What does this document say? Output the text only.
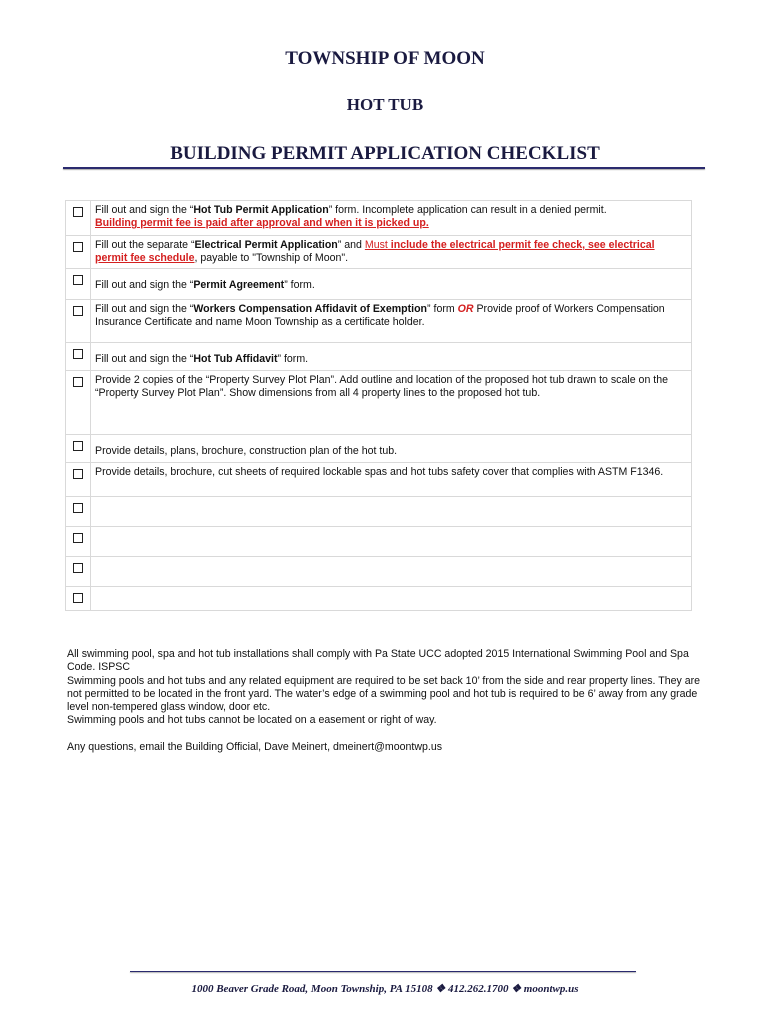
TOWNSHIP OF MOON
HOT TUB
BUILDING PERMIT APPLICATION CHECKLIST
	Fill out and sign the “Hot Tub Permit Application” form. Incomplete application can result in a denied permit.
Building permit fee is paid after approval and when it is picked up.
	Fill out the separate “Electrical Permit Application” and Must include the electrical permit fee check, see electrical permit fee schedule, payable to "Township of Moon".
	Fill out and sign the “Permit Agreement” form.
	Fill out and sign the “Workers Compensation Affidavit of Exemption” form OR Provide proof of Workers Compensation Insurance Certificate and name Moon Township as a certificate holder.
	Fill out and sign the “Hot Tub Affidavit” form.
	Provide 2 copies of the “Property Survey Plot Plan”. Add outline and location of the proposed hot tub drawn to scale on the “Property Survey Plot Plan”. Show dimensions from all 4 property lines to the proposed hot tub.
	Provide details, plans, brochure, construction plan of the hot tub.
	Provide details, brochure, cut sheets of required lockable spas and hot tubs safety cover that complies with ASTM F1346.

All swimming pool, spa and hot tub installations shall comply with Pa State UCC adopted 2015 International Swimming Pool and Spa Code. ISPSC

Swimming pools and hot tubs and any related equipment are required to be set back 10’ from the side and rear property lines. They are not permitted to be located in the front yard. The water’s edge of a swimming pool and hot tub is required to be 6’ away from any grade level non-tempered glass window, door etc.

Swimming pools and hot tubs cannot be located on a easement or right of way.

Any questions, email the Building Official, Dave Meinert, dmeinert@moontwp.us
1000 Beaver Grade Road, Moon Township, PA 15108 ❖ 412.262.1700 ❖ moontwp.us
